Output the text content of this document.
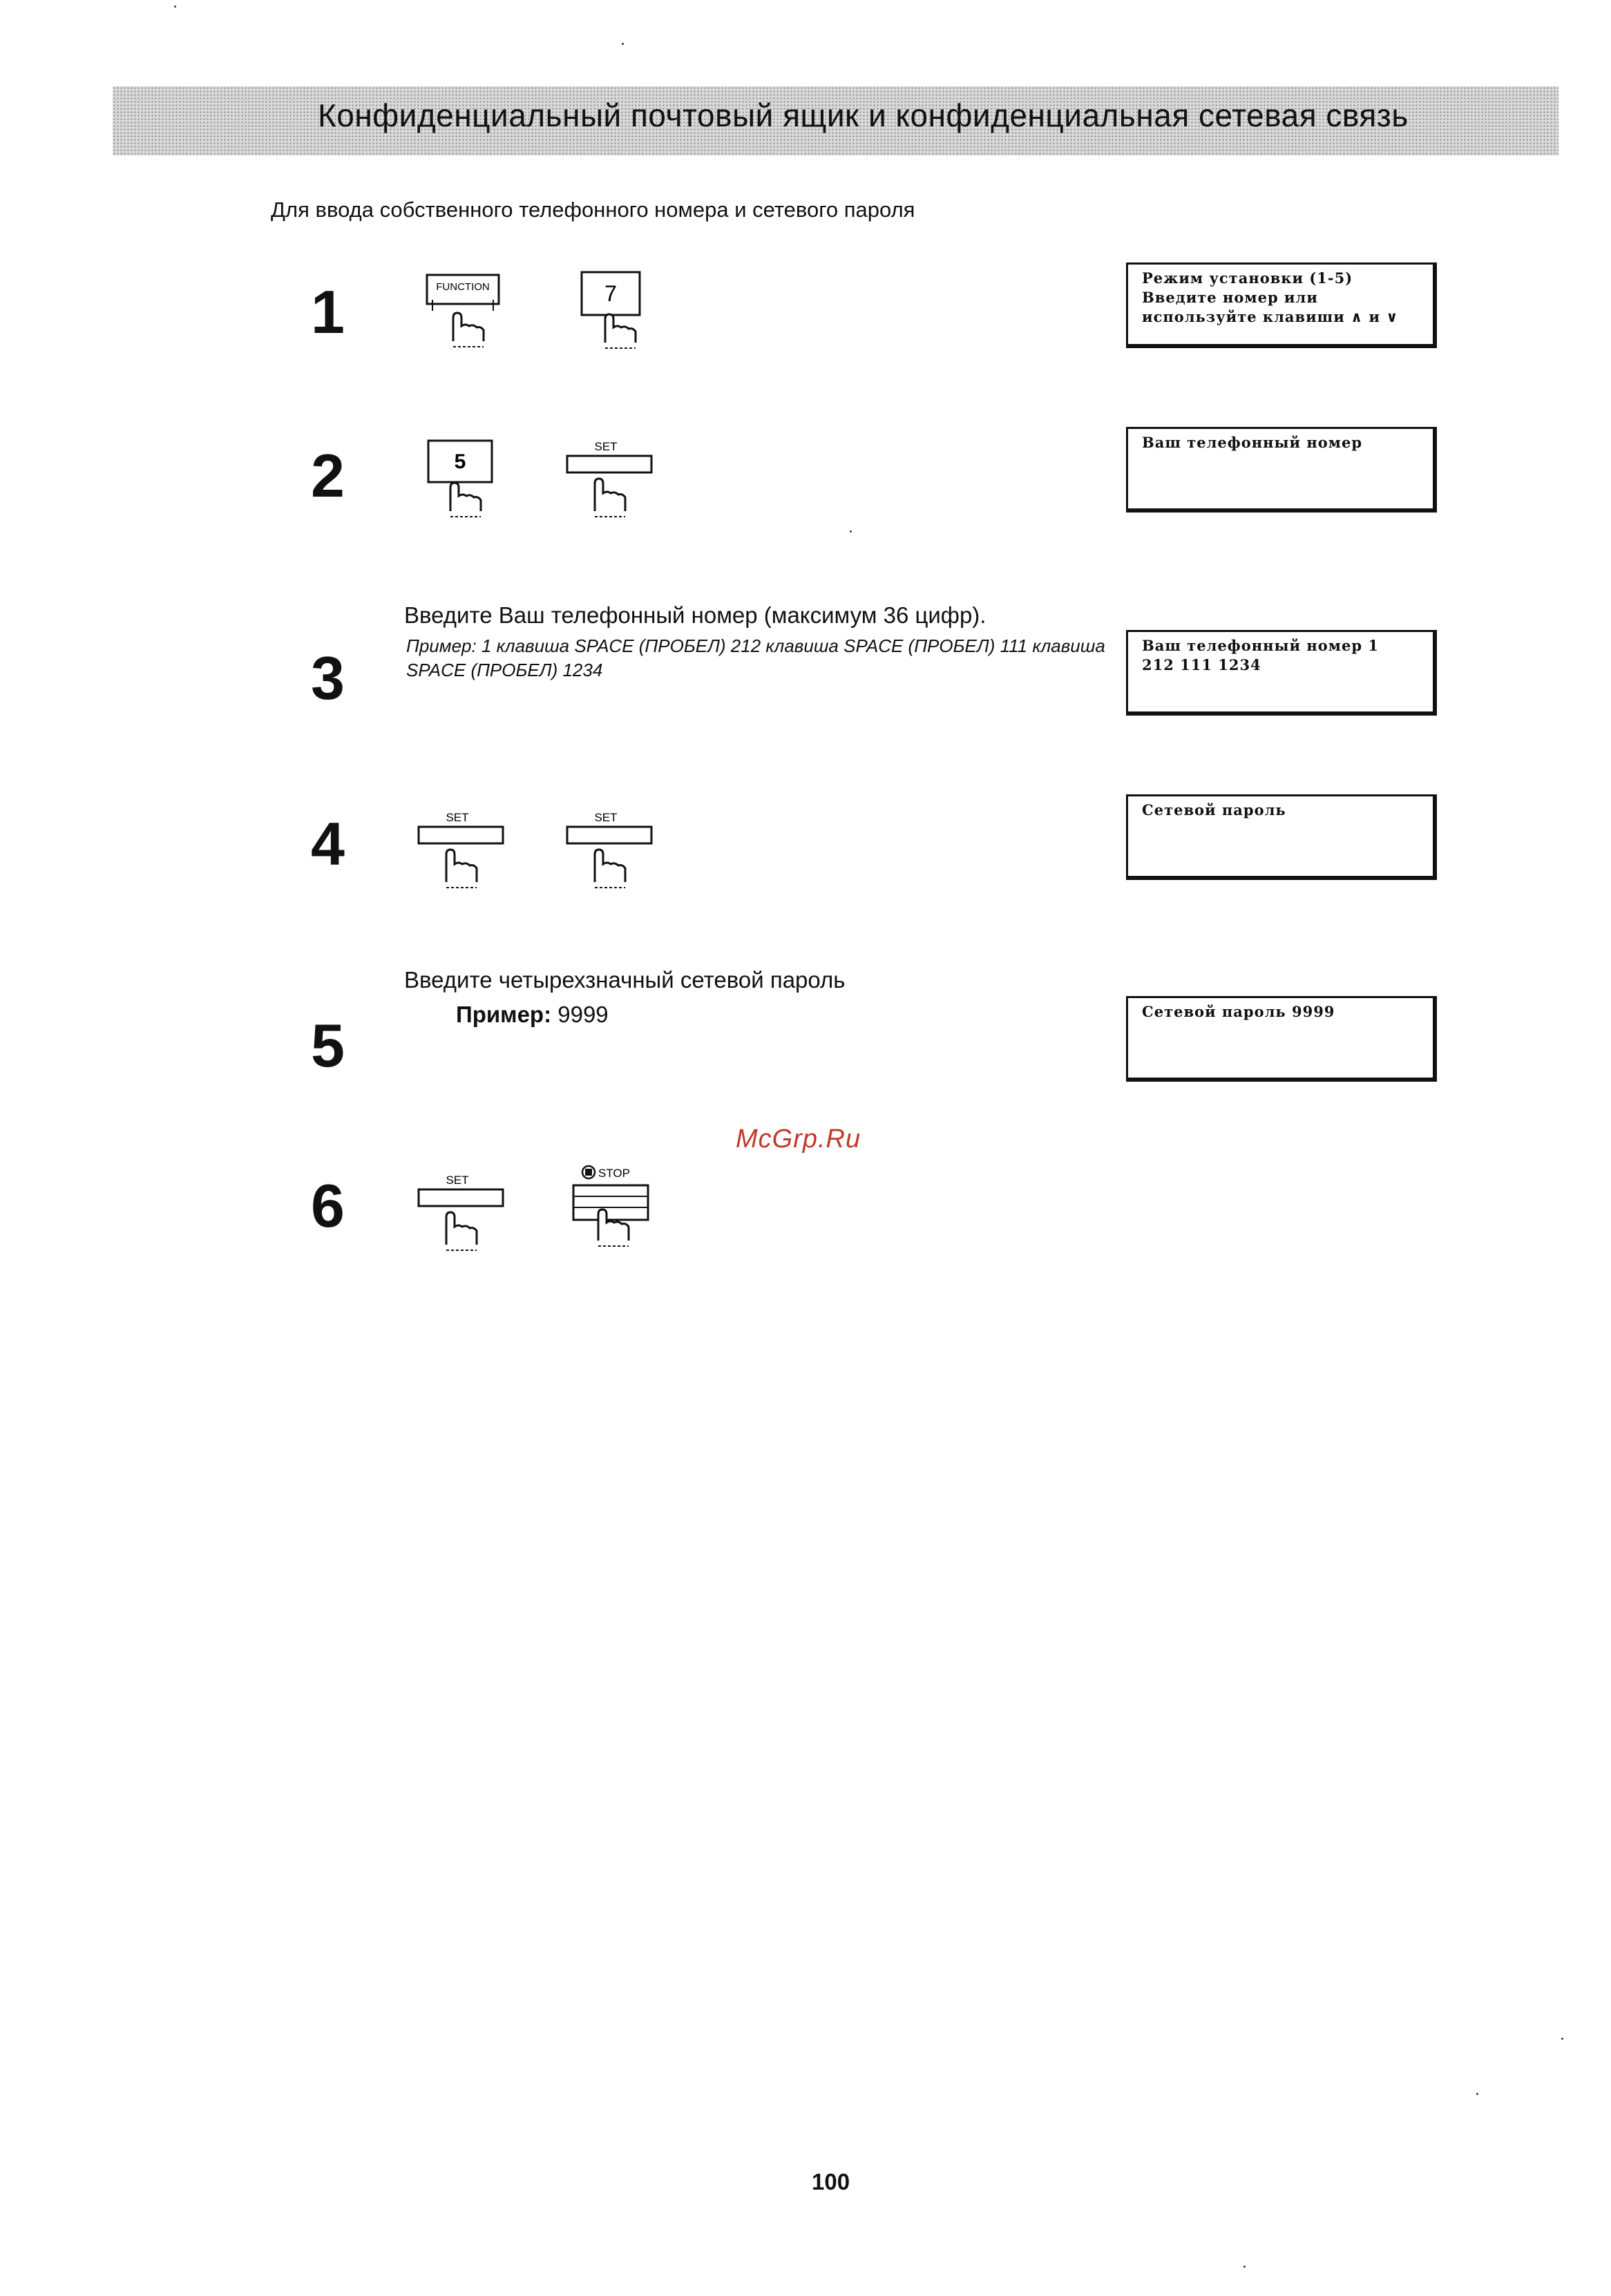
Конфиденциальный почтовый ящик и конфиденциальная сетевая связь
Для ввода собственного телефонного номера и сетевого пароля
1	FUNCTION	7
Режим установки (1-5)
Введите номер или
используйте клавиши ∧ и ∨
2	5
SET	Ваш телефонный номер
Введите Ваш телефонный номер (максимум 36 цифр).
Пример: 1 клавиша SPACE (ПРОБЕЛ) 212 клавиша SPACE (ПРОБЕЛ) 111 клавиша SPACE (ПРОБЕЛ) 1234
3	Ваш телефонный номер 1
212 111 1234
4	SET	SET	Сетевой пароль
Введите четырехзначный сетевой пароль
Пример: 9999
5	Сетевой пароль 9999
McGrp.Ru
6	SET
STOP
100
